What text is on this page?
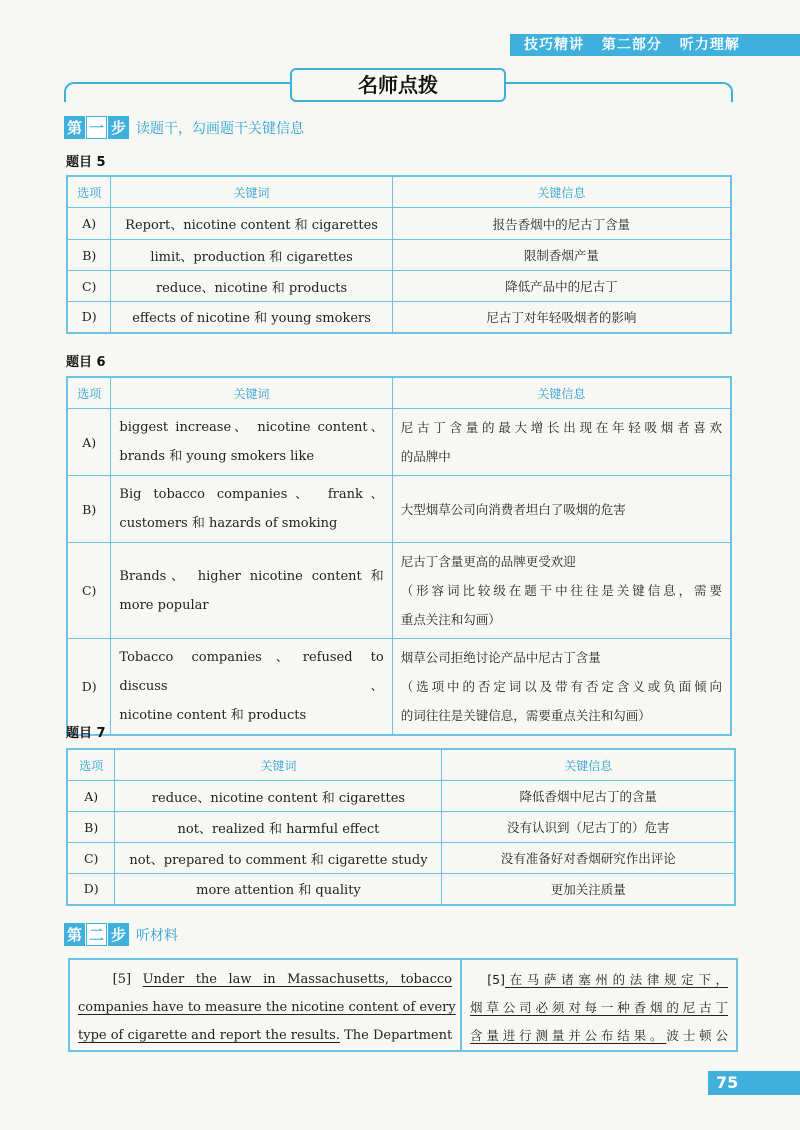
技巧精讲 第二部分 听力理解
名师点拨
第 一 步 读题干，勾画题干关键信息
题目 5
选项	关键词	关键信息
A)	Report、nicotine content 和 cigarettes	报告香烟中的尼古丁含量
B)	limit、production 和 cigarettes	限制香烟产量
C)	reduce、nicotine 和 products	降低产品中的尼古丁
D)	effects of nicotine 和 young smokers	尼古丁对年轻吸烟者的影响
题目 6
选项	关键词	关键信息
A)	biggest increase、 nicotine content、
brands 和 young smokers like	尼古丁含量的最大增长出现在年轻吸烟者喜欢
的品牌中

B)	Big tobacco companies、 frank、
customers 和 hazards of smoking	大型烟草公司向消费者坦白了吸烟的危害

C)	Brands、 higher nicotine content 和
more popular	尼古丁含量更高的品牌更受欢迎
（形容词比较级在题干中往往是关键信息，需要
重点关注和勾画）

D)	Tobacco companies、refused to discuss、
nicotine content 和 products	烟草公司拒绝讨论产品中尼古丁含量
（选项中的否定词以及带有否定含义或负面倾向
的词往往是关键信息，需要重点关注和勾画）
题目 7
选项	关键词	关键信息
A)	reduce、nicotine content 和 cigarettes	降低香烟中尼古丁的含量
B)	not、realized 和 harmful effect	没有认识到（尼古丁的）危害
C)	not、prepared to comment 和 cigarette study	没有准备好对香烟研究作出评论
D)	more attention 和 quality	更加关注质量
第 二 步 听材料
[5] Under the law in Massachusetts, tobacco
companies have to measure the nicotine content of every
type of cigarette and report the results. The Department
[5]在马萨诸塞州的法律规定下，
烟草公司必须对每一种香烟的尼古丁
含量进行测量并公布结果。波士顿公
75
